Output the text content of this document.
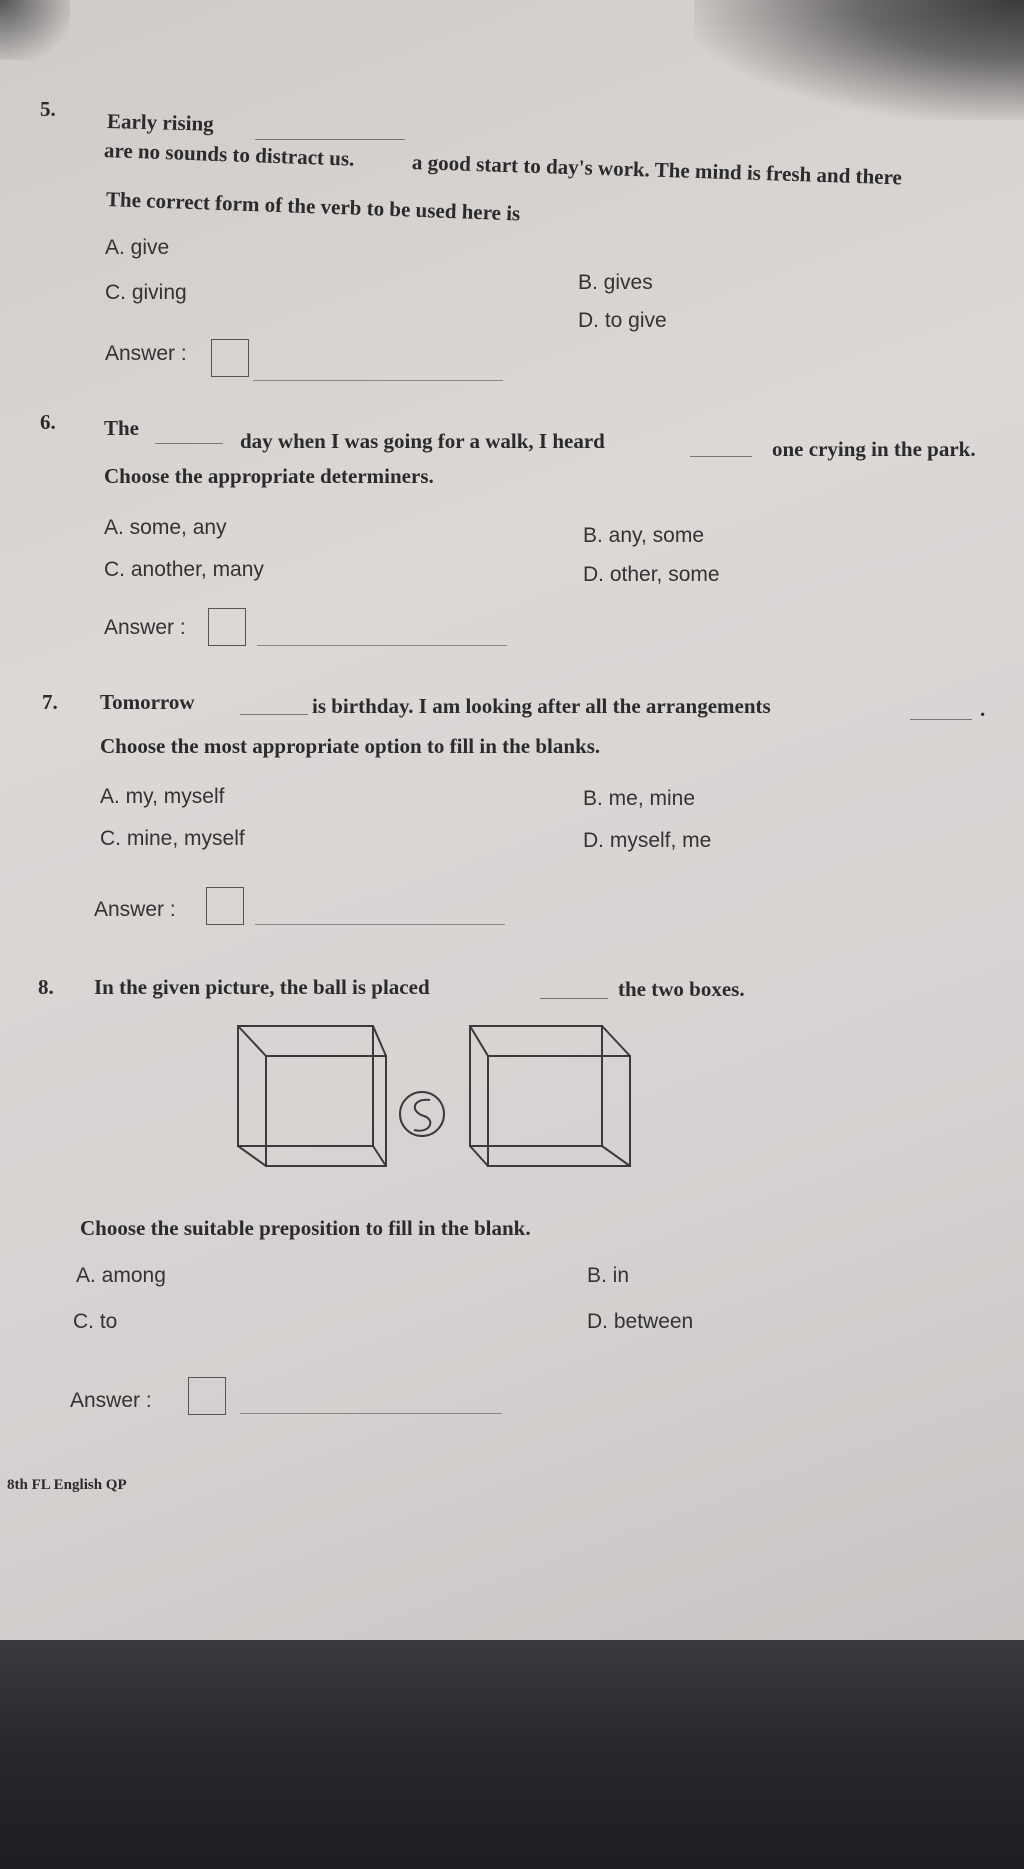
5.
Early rising
a good start to day's work. The mind is fresh and there
are no sounds to distract us.
The correct form of the verb to be used here is
A. give
B. gives
C. giving
D. to give
Answer :
6. The
day when I was going for a walk, I heard	one crying in the park.
Choose the appropriate determiners.
A. some, any	B. any, some
C. another, many	D. other, some
Answer :
7. Tomorrow	is birthday. I am looking after all the arrangements	.
Choose the most appropriate option to fill in the blanks.
A. my, myself	B. me, mine
C. mine, myself	D. myself, me
Answer :
8. In the given picture, the ball is placed	the two boxes.
Choose the suitable preposition to fill in the blank.
A. among	B. in
C. to	D. between
Answer :
8th FL English QP
